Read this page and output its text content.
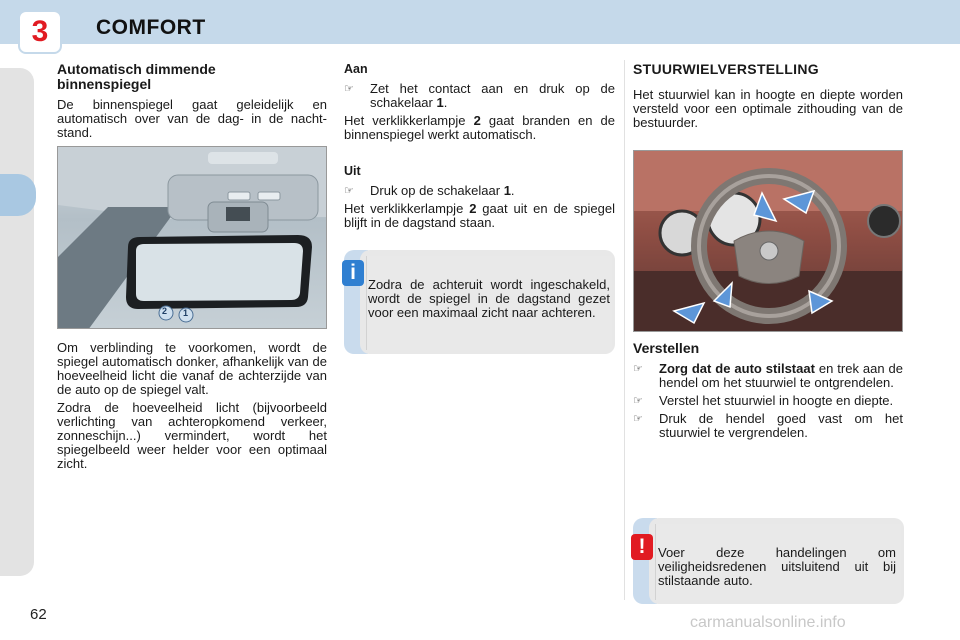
3	COMFORT
Automatisch dimmende binnenspiegel

De binnenspiegel gaat geleidelijk en automatisch over van de dag- in de nacht-stand.

2 1

Om verblinding te voorkomen, wordt de spiegel automatisch donker, afhankelijk van de hoeveelheid licht die vanaf de achterzijde van de auto op de spiegel valt.

Zodra de hoeveelheid licht (bijvoorbeeld verlichting van achteropkomend verkeer, zonneschijn...) vermindert, wordt het spiegelbeeld weer helder voor een optimaal zicht.

Aan
☞	Zet het contact aan en druk op de schakelaar 1.

Het verklikkerlampje 2 gaat branden en de binnenspiegel werkt automatisch.

Uit
☞	Druk op de schakelaar 1.

Het verklikkerlampje 2 gaat uit en de spiegel blijft in de dagstand staan.

i
Zodra de achteruit wordt ingeschakeld, wordt de spiegel in de dagstand gezet voor een maximaal zicht naar achteren.
STUURWIELVERSTELLING

Het stuurwiel kan in hoogte en diepte worden versteld voor een optimale zithouding van de bestuurder.

Verstellen
☞	Zorg dat de auto stilstaat en trek aan de hendel om het stuurwiel te ontgrendelen.
☞	Verstel het stuurwiel in hoogte en diepte.
☞	Druk de hendel goed vast om het stuurwiel te vergrendelen.
! Voer deze handelingen om veiligheidsredenen uitsluitend uit bij stilstaande auto.
62	carmanualsonline.info
